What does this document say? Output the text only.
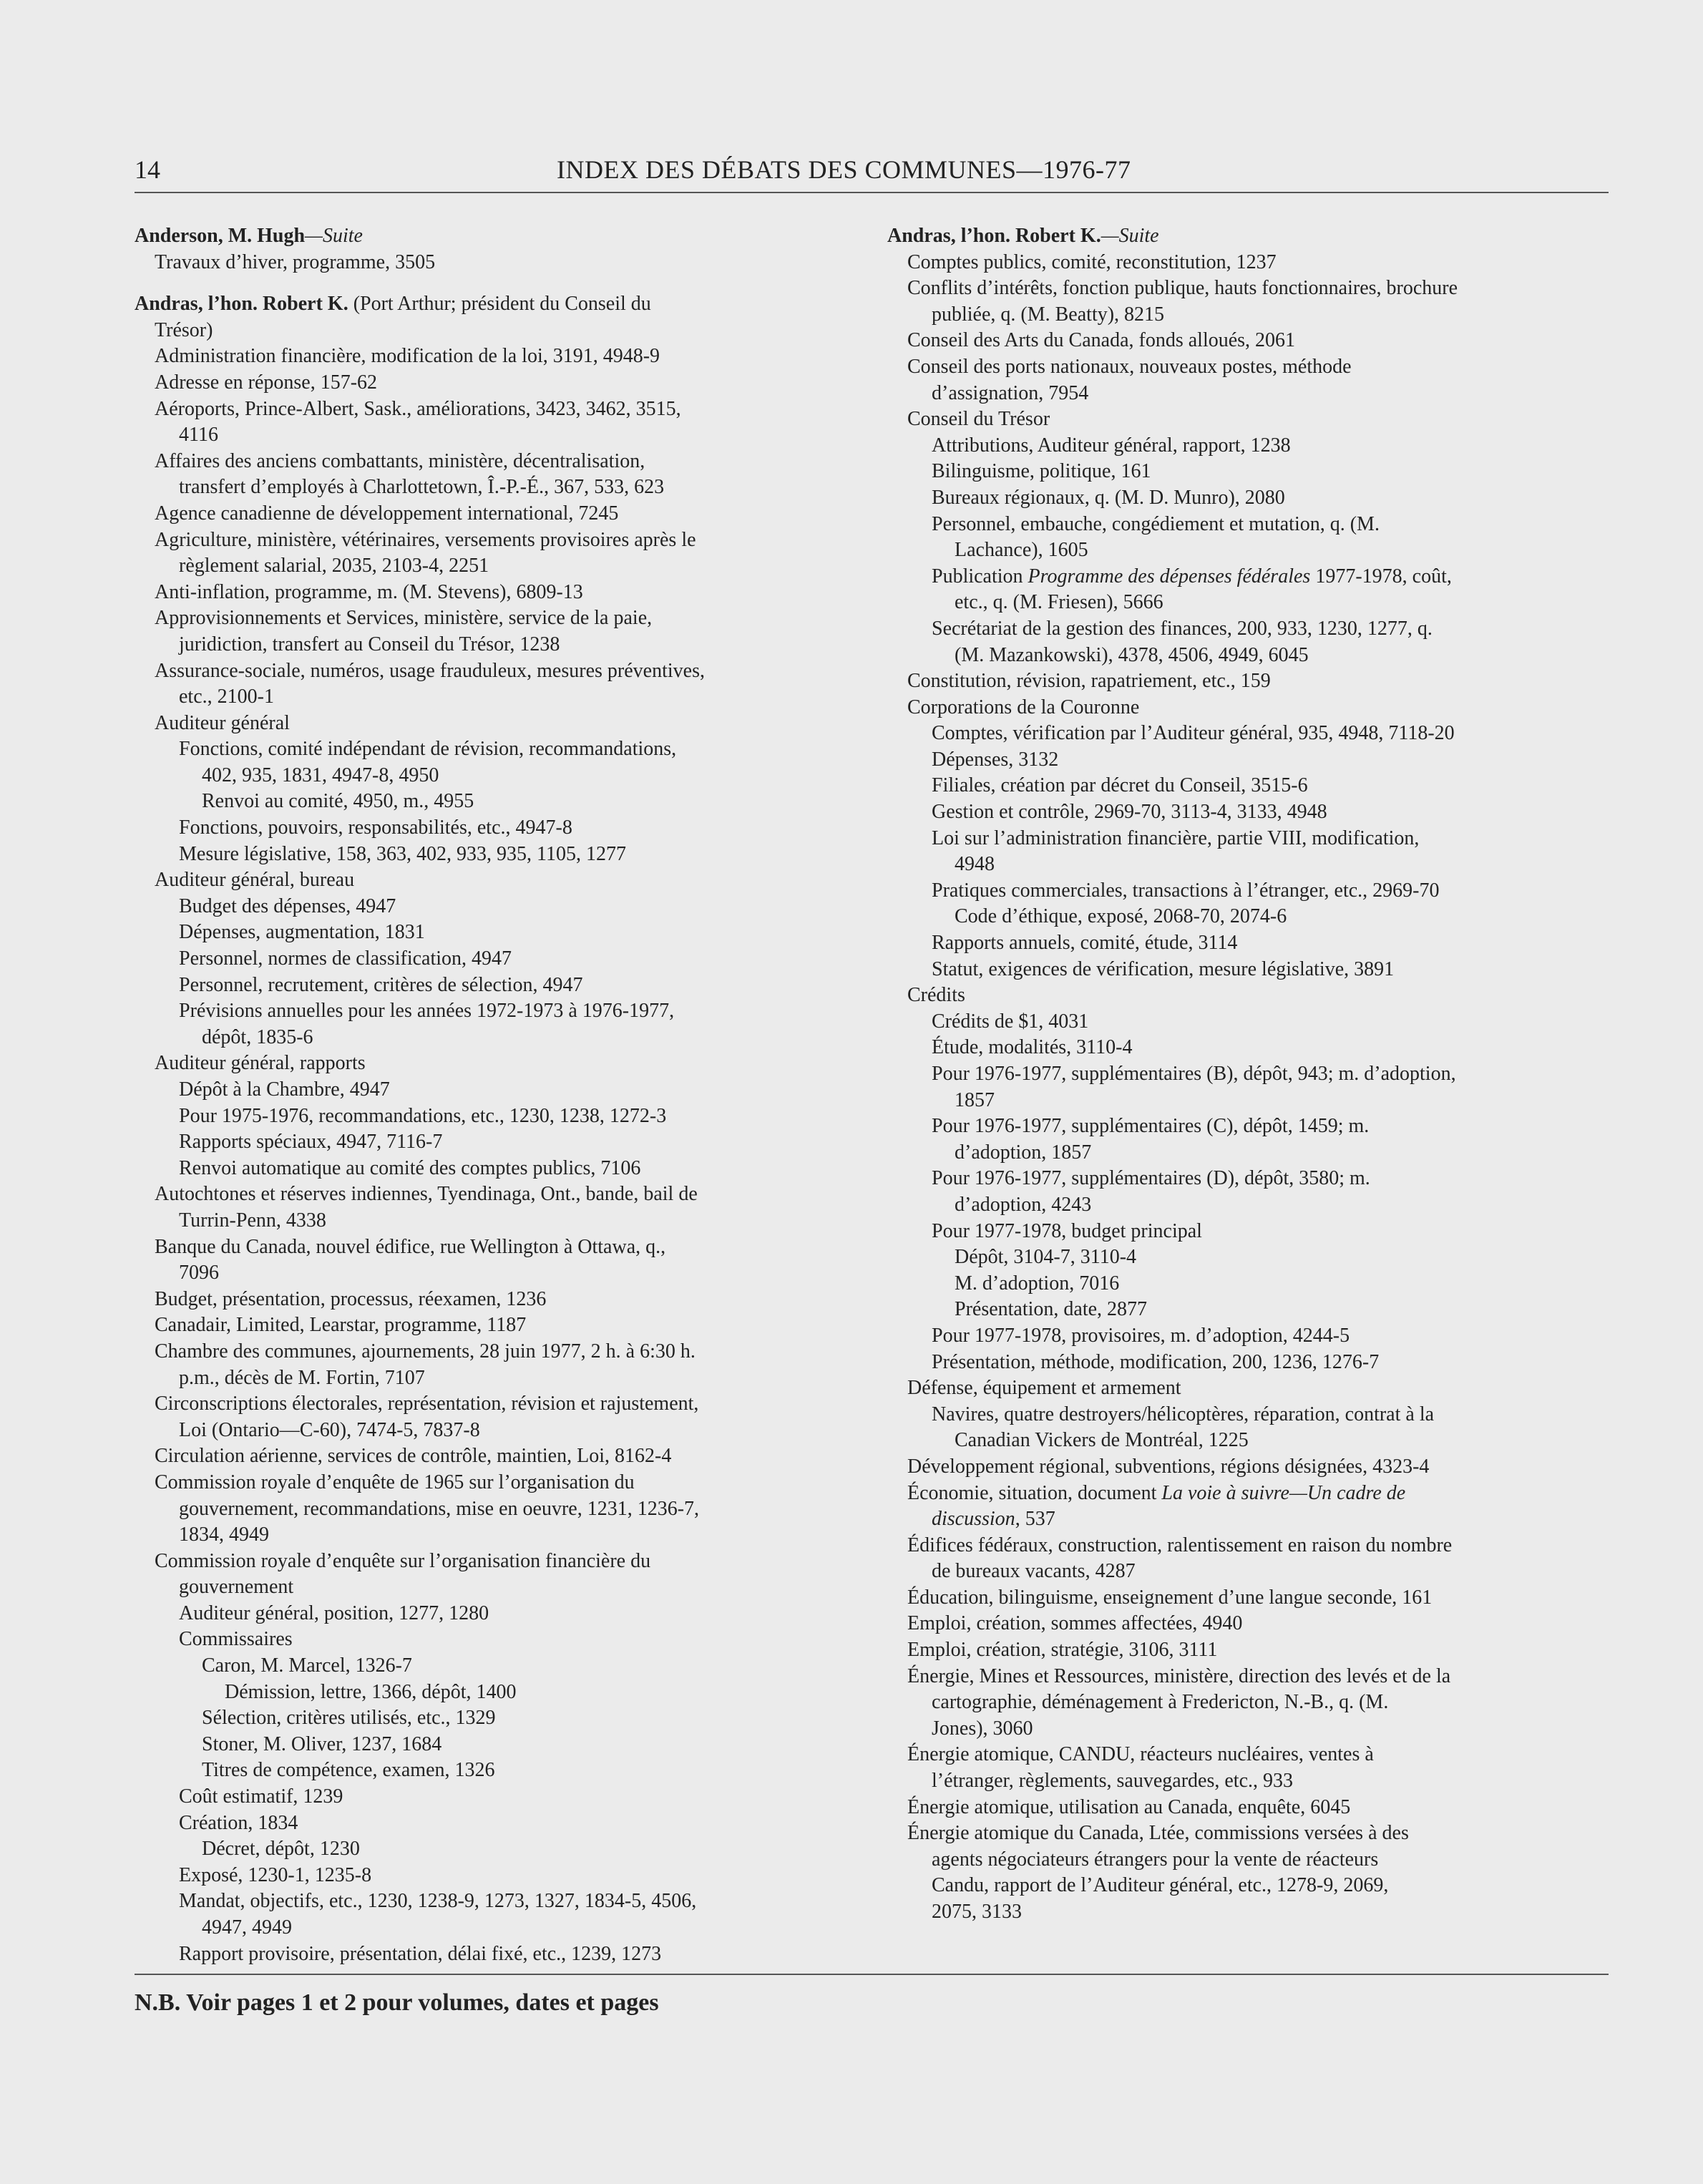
14	INDEX DES DÉBATS DES COMMUNES—1976-77
Anderson, M. Hugh—Suite
Travaux d’hiver, programme, 3505
Andras, l’hon. Robert K. (Port Arthur; président du Conseil du
Trésor)
Administration financière, modification de la loi, 3191, 4948-9
Adresse en réponse, 157-62
Aéroports, Prince-Albert, Sask., améliorations, 3423, 3462, 3515,
4116
Affaires des anciens combattants, ministère, décentralisation,
transfert d’employés à Charlottetown, Î.-P.-É., 367, 533, 623
Agence canadienne de développement international, 7245
Agriculture, ministère, vétérinaires, versements provisoires après le
règlement salarial, 2035, 2103-4, 2251
Anti-inflation, programme, m. (M. Stevens), 6809-13
Approvisionnements et Services, ministère, service de la paie,
juridiction, transfert au Conseil du Trésor, 1238
Assurance-sociale, numéros, usage frauduleux, mesures préventives,
etc., 2100-1
Auditeur général
Fonctions, comité indépendant de révision, recommandations,
402, 935, 1831, 4947-8, 4950
Renvoi au comité, 4950, m., 4955
Fonctions, pouvoirs, responsabilités, etc., 4947-8
Mesure législative, 158, 363, 402, 933, 935, 1105, 1277
Auditeur général, bureau
Budget des dépenses, 4947
Dépenses, augmentation, 1831
Personnel, normes de classification, 4947
Personnel, recrutement, critères de sélection, 4947
Prévisions annuelles pour les années 1972-1973 à 1976-1977,
dépôt, 1835-6
Auditeur général, rapports
Dépôt à la Chambre, 4947
Pour 1975-1976, recommandations, etc., 1230, 1238, 1272-3
Rapports spéciaux, 4947, 7116-7
Renvoi automatique au comité des comptes publics, 7106
Autochtones et réserves indiennes, Tyendinaga, Ont., bande, bail de
Turrin-Penn, 4338
Banque du Canada, nouvel édifice, rue Wellington à Ottawa, q.,
7096
Budget, présentation, processus, réexamen, 1236
Canadair, Limited, Learstar, programme, 1187
Chambre des communes, ajournements, 28 juin 1977, 2 h. à 6:30 h.
p.m., décès de M. Fortin, 7107
Circonscriptions électorales, représentation, révision et rajustement,
Loi (Ontario—C-60), 7474-5, 7837-8
Circulation aérienne, services de contrôle, maintien, Loi, 8162-4
Commission royale d’enquête de 1965 sur l’organisation du
gouvernement, recommandations, mise en oeuvre, 1231, 1236-7,
1834, 4949
Commission royale d’enquête sur l’organisation financière du
gouvernement
Auditeur général, position, 1277, 1280
Commissaires
Caron, M. Marcel, 1326-7
Démission, lettre, 1366, dépôt, 1400
Sélection, critères utilisés, etc., 1329
Stoner, M. Oliver, 1237, 1684
Titres de compétence, examen, 1326
Coût estimatif, 1239
Création, 1834
Décret, dépôt, 1230
Exposé, 1230-1, 1235-8
Mandat, objectifs, etc., 1230, 1238-9, 1273, 1327, 1834-5, 4506,
4947, 4949
Rapport provisoire, présentation, délai fixé, etc., 1239, 1273
Andras, l’hon. Robert K.—Suite
Comptes publics, comité, reconstitution, 1237
Conflits d’intérêts, fonction publique, hauts fonctionnaires, brochure
publiée, q. (M. Beatty), 8215
Conseil des Arts du Canada, fonds alloués, 2061
Conseil des ports nationaux, nouveaux postes, méthode
d’assignation, 7954
Conseil du Trésor
Attributions, Auditeur général, rapport, 1238
Bilinguisme, politique, 161
Bureaux régionaux, q. (M. D. Munro), 2080
Personnel, embauche, congédiement et mutation, q. (M.
Lachance), 1605
Publication Programme des dépenses fédérales 1977-1978, coût,
etc., q. (M. Friesen), 5666
Secrétariat de la gestion des finances, 200, 933, 1230, 1277, q.
(M. Mazankowski), 4378, 4506, 4949, 6045
Constitution, révision, rapatriement, etc., 159
Corporations de la Couronne
Comptes, vérification par l’Auditeur général, 935, 4948, 7118-20
Dépenses, 3132
Filiales, création par décret du Conseil, 3515-6
Gestion et contrôle, 2969-70, 3113-4, 3133, 4948
Loi sur l’administration financière, partie VIII, modification,
4948
Pratiques commerciales, transactions à l’étranger, etc., 2969-70
Code d’éthique, exposé, 2068-70, 2074-6
Rapports annuels, comité, étude, 3114
Statut, exigences de vérification, mesure législative, 3891
Crédits
Crédits de $1, 4031
Étude, modalités, 3110-4
Pour 1976-1977, supplémentaires (B), dépôt, 943; m. d’adoption,
1857
Pour 1976-1977, supplémentaires (C), dépôt, 1459; m.
d’adoption, 1857
Pour 1976-1977, supplémentaires (D), dépôt, 3580; m.
d’adoption, 4243
Pour 1977-1978, budget principal
Dépôt, 3104-7, 3110-4
M. d’adoption, 7016
Présentation, date, 2877
Pour 1977-1978, provisoires, m. d’adoption, 4244-5
Présentation, méthode, modification, 200, 1236, 1276-7
Défense, équipement et armement
Navires, quatre destroyers/hélicoptères, réparation, contrat à la
Canadian Vickers de Montréal, 1225
Développement régional, subventions, régions désignées, 4323-4
Économie, situation, document La voie à suivre—Un cadre de
discussion, 537
Édifices fédéraux, construction, ralentissement en raison du nombre
de bureaux vacants, 4287
Éducation, bilinguisme, enseignement d’une langue seconde, 161
Emploi, création, sommes affectées, 4940
Emploi, création, stratégie, 3106, 3111
Énergie, Mines et Ressources, ministère, direction des levés et de la
cartographie, déménagement à Fredericton, N.-B., q. (M.
Jones), 3060
Énergie atomique, CANDU, réacteurs nucléaires, ventes à
l’étranger, règlements, sauvegardes, etc., 933
Énergie atomique, utilisation au Canada, enquête, 6045
Énergie atomique du Canada, Ltée, commissions versées à des
agents négociateurs étrangers pour la vente de réacteurs
Candu, rapport de l’Auditeur général, etc., 1278-9, 2069,
2075, 3133
N.B. Voir pages 1 et 2 pour volumes, dates et pages
